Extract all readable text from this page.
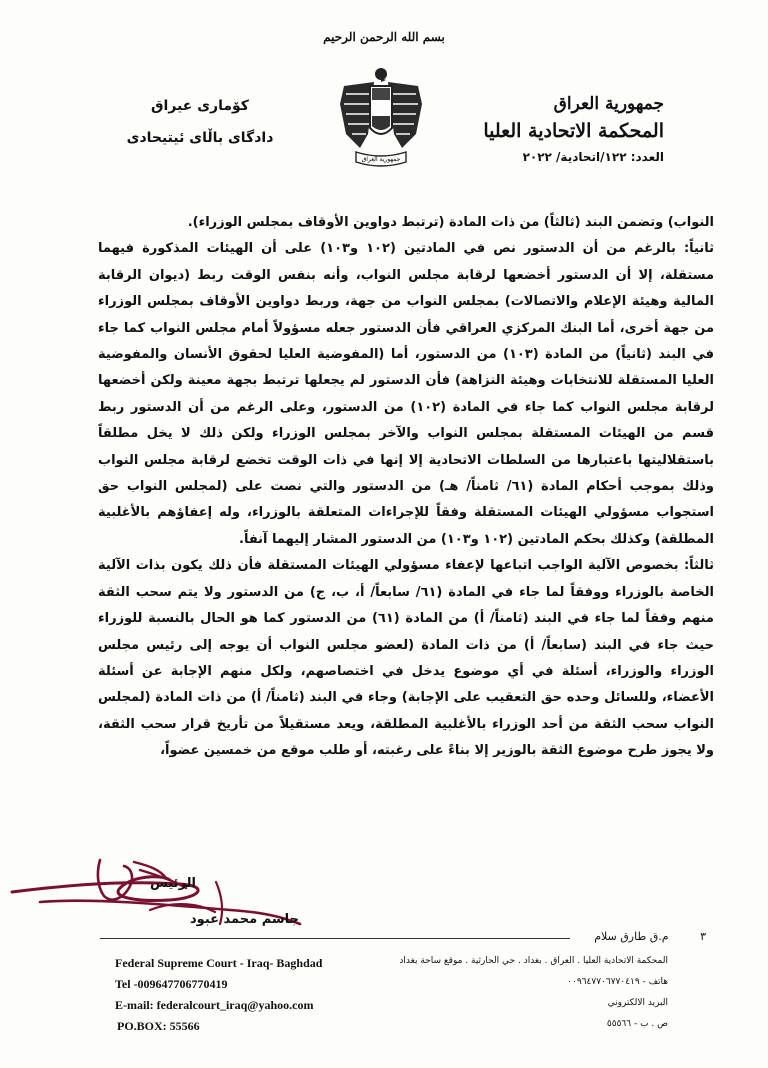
بسم الله الرحمن الرحيم
جمهورية العراق
المحكمة الاتحادية العليا
العدد: ١٢٢/اتحادية/ ٢٠٢٢
كۆمارى عیراق
دادگای باڵای ئیتیحادی
جمهورية العراق

النواب) وتضمن البند (ثالثاً) من ذات المادة (ترتبط دواوين الأوقاف بمجلس الوزراء).

ثانياً: بالرغم من أن الدستور نص في المادتين (١٠٢ و١٠٣) على أن الهيئات المذكورة فيهما مستقلة، إلا أن الدستور أخضعها لرقابة مجلس النواب، وأنه بنفس الوقت ربط (ديوان الرقابة المالية وهيئة الإعلام والاتصالات) بمجلس النواب من جهة، وربط دواوين الأوقاف بمجلس الوزراء من جهة أخرى، أما البنك المركزي العراقي فأن الدستور جعله مسؤولاً أمام مجلس النواب كما جاء في البند (ثانياً) من المادة (١٠٣) من الدستور، أما (المفوضية العليا لحقوق الأنسان والمفوضية العليا المستقلة للانتخابات وهيئة النزاهة) فأن الدستور لم يجعلها ترتبط بجهة معينة ولكن أخضعها لرقابة مجلس النواب كما جاء في المادة (١٠٢) من الدستور، وعلى الرغم من أن الدستور ربط قسم من الهيئات المستقلة بمجلس النواب والآخر بمجلس الوزراء ولكن ذلك لا يخل مطلقاً باستقلاليتها باعتبارها من السلطات الاتحادية إلا إنها في ذات الوقت تخضع لرقابة مجلس النواب وذلك بموجب أحكام المادة (٦١/ ثامناً/ هـ) من الدستور والتي نصت على (لمجلس النواب حق استجواب مسؤولي الهيئات المستقلة وفقاً للإجراءات المتعلقة بالوزراء، وله إعفاؤهم بالأغلبية المطلقة) وكذلك بحكم المادتين (١٠٢ و١٠٣) من الدستور المشار إليهما آنفاً.

ثالثاً: بخصوص الآلية الواجب اتباعها لإعفاء مسؤولي الهيئات المستقلة فأن ذلك يكون بذات الآلية الخاصة بالوزراء ووفقاً لما جاء في المادة (٦١/ سابعاً/ أ، ب، ج) من الدستور ولا يتم سحب الثقة منهم وفقاً لما جاء في البند (ثامناً/ أ) من المادة (٦١) من الدستور كما هو الحال بالنسبة للوزراء حيث جاء في البند (سابعاً/ أ) من ذات المادة (لعضو مجلس النواب أن يوجه إلى رئيس مجلس الوزراء والوزراء، أسئلة في أي موضوع يدخل في اختصاصهم، ولكل منهم الإجابة عن أسئلة الأعضاء، وللسائل وحده حق التعقيب على الإجابة) وجاء في البند (ثامناً/ أ) من ذات المادة (لمجلس النواب سحب الثقة من أحد الوزراء بالأغلبية المطلقة، ويعد مستقيلاً من تأريخ قرار سحب الثقة، ولا يجوز طرح موضوع الثقة بالوزير إلا بناءً على رغبته، أو طلب موقع من خمسين عضواً،

الرئيس
جاسم محمد عبود
٣ م.ق طارق سلام
Federal Supreme Court - Iraq- Baghdad
Tel -009647706770419
E-mail: federalcourt_iraq@yahoo.com
PO.BOX: 55566
المحكمة الاتحادية العليا . العراق . بغداد . حي الحارثية . موقع ساحة بغداد
هاتف - ٠٠٩٦٤٧٧٠٦٧٧٠٤١٩
البريد الالكتروني
ص . ب - ٥٥٥٦٦
